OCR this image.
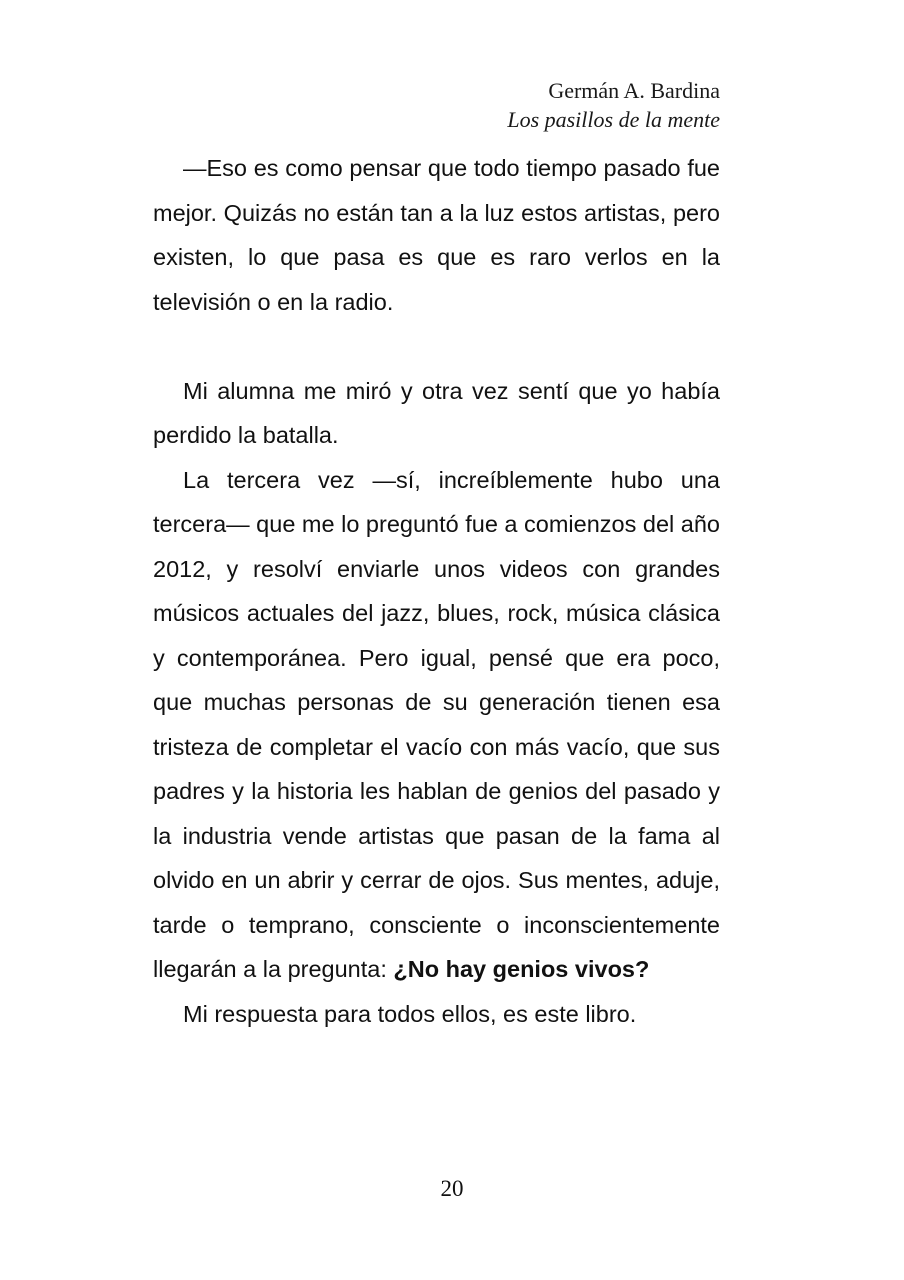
Germán A. Bardina
Los pasillos de la mente

—Eso es como pensar que todo tiempo pasado fue mejor. Quizás no están tan a la luz estos artistas, pero existen, lo que pasa es que es raro verlos en la televisión o en la radio.

Mi alumna me miró y otra vez sentí que yo había perdido la batalla.

La tercera vez —sí, increíblemente hubo una tercera— que me lo preguntó fue a comienzos del año 2012, y resolví enviarle unos videos con grandes músicos actuales del jazz, blues, rock, música clásica y contemporánea. Pero igual, pensé que era poco, que muchas personas de su generación tienen esa tristeza de completar el vacío con más vacío, que sus padres y la historia les hablan de genios del pasado y la industria vende artistas que pasan de la fama al olvido en un abrir y cerrar de ojos. Sus mentes, aduje, tarde o temprano, consciente o inconscientemente llegarán a la pregunta: ¿No hay genios vivos?

Mi respuesta para todos ellos, es este libro.

20
